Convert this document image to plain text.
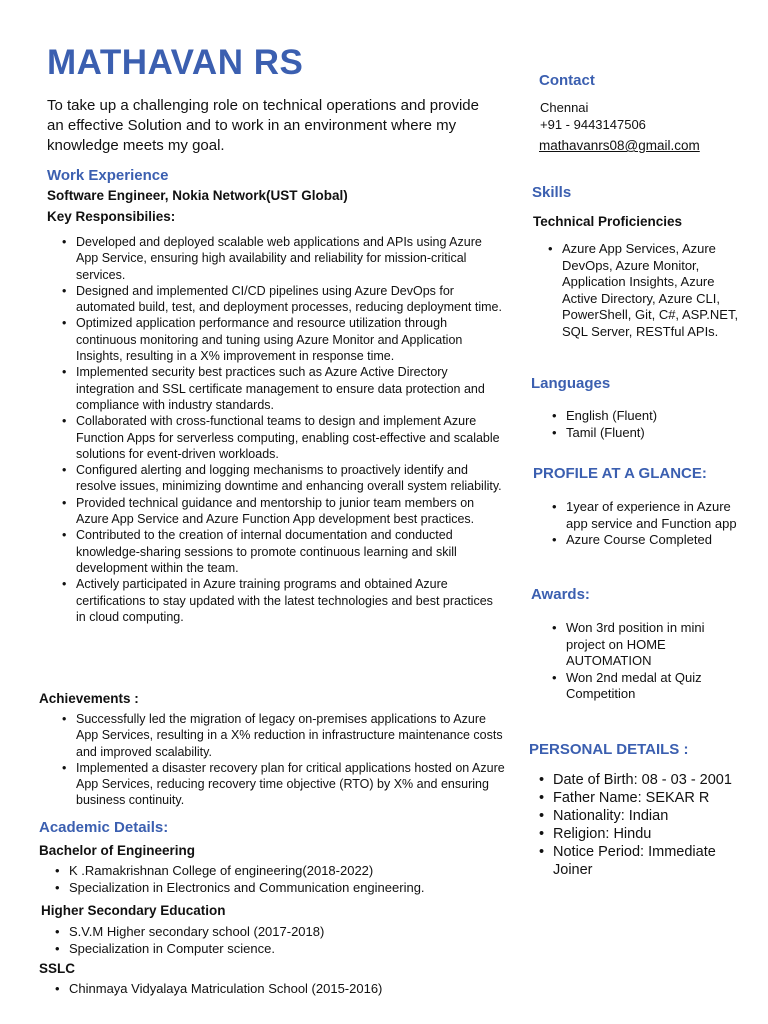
MATHAVAN RS
To take up a challenging role on technical operations and provide an effective Solution and to work in an environment where my knowledge meets my goal.
Work Experience
Software Engineer, Nokia Network(UST Global)
Key Responsibilies:
• Developed and deployed scalable web applications and APIs using Azure App Service, ensuring high availability and reliability for mission-critical services.
• Designed and implemented CI/CD pipelines using Azure DevOps for automated build, test, and deployment processes, reducing deployment time.
• Optimized application performance and resource utilization through continuous monitoring and tuning using Azure Monitor and Application Insights, resulting in a X% improvement in response time.
• Implemented security best practices such as Azure Active Directory integration and SSL certificate management to ensure data protection and compliance with industry standards.
• Collaborated with cross-functional teams to design and implement Azure Function Apps for serverless computing, enabling cost-effective and scalable solutions for event-driven workloads.
• Configured alerting and logging mechanisms to proactively identify and resolve issues, minimizing downtime and enhancing overall system reliability.
• Provided technical guidance and mentorship to junior team members on Azure App Service and Azure Function App development best practices.
• Contributed to the creation of internal documentation and conducted knowledge-sharing sessions to promote continuous learning and skill development within the team.
• Actively participated in Azure training programs and obtained Azure certifications to stay updated with the latest technologies and best practices in cloud computing.
Achievements :
• Successfully led the migration of legacy on-premises applications to Azure App Services, resulting in a X% reduction in infrastructure maintenance costs and improved scalability.
• Implemented a disaster recovery plan for critical applications hosted on Azure App Services, reducing recovery time objective (RTO) by X% and ensuring business continuity.
Academic Details:
Bachelor of Engineering
• K .Ramakrishnan College of engineering(2018-2022)
• Specialization in Electronics and Communication engineering.
Higher Secondary Education
• S.V.M Higher secondary school (2017-2018)
• Specialization in Computer science.
SSLC
• Chinmaya Vidyalaya Matriculation School (2015-2016)
Contact
Chennai
+91 - 9443147506
mathavanrs08@gmail.com
Skills
Technical Proficiencies
• Azure App Services, Azure DevOps, Azure Monitor, Application Insights, Azure Active Directory, Azure CLI, PowerShell, Git, C#, ASP.NET, SQL Server, RESTful APIs.
Languages
• English (Fluent)
• Tamil (Fluent)
PROFILE AT A GLANCE:
• 1year of experience in Azure app service and Function app
• Azure Course Completed
Awards:
• Won 3rd position in mini project on HOME AUTOMATION
• Won 2nd medal at Quiz Competition
PERSONAL DETAILS :
• Date of Birth: 08 - 03 - 2001
• Father Name: SEKAR R
• Nationality: Indian
• Religion: Hindu
• Notice Period: Immediate Joiner
